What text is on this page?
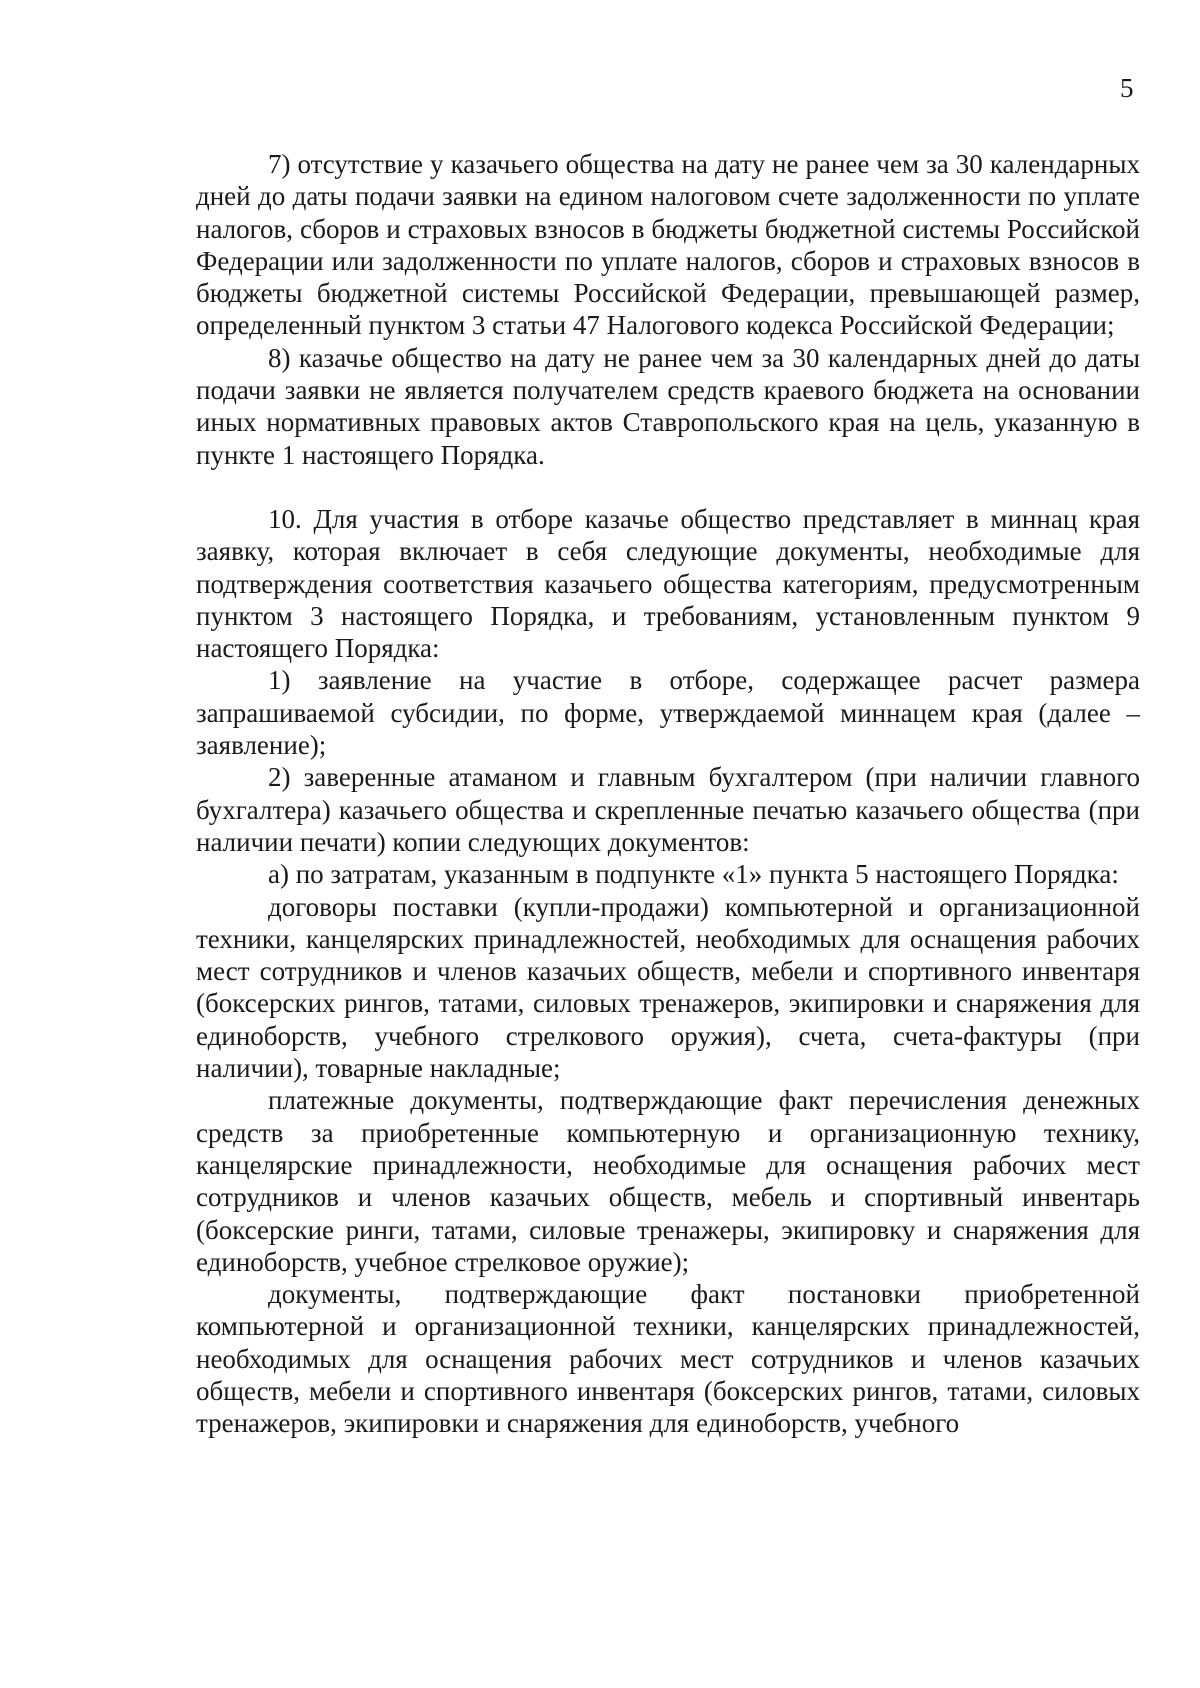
5

7) отсутствие у казачьего общества на дату не ранее чем за 30 календарных дней до даты подачи заявки на едином налоговом счете задолженности по уплате налогов, сборов и страховых взносов в бюджеты бюджетной системы Российской Федерации или задолженности по уплате налогов, сборов и страховых взносов в бюджеты бюджетной системы Российской Федерации, превышающей размер, определенный пунктом 3 статьи 47 Налогового кодекса Российской Федерации;

8) казачье общество на дату не ранее чем за 30 календарных дней до даты подачи заявки не является получателем средств краевого бюджета на основании иных нормативных правовых актов Ставропольского края на цель, указанную в пункте 1 настоящего Порядка.

10. Для участия в отборе казачье общество представляет в миннац края заявку, которая включает в себя следующие документы, необходимые для подтверждения соответствия казачьего общества категориям, предусмотренным пунктом 3 настоящего Порядка, и требованиям, установленным пунктом 9 настоящего Порядка:

1) заявление на участие в отборе, содержащее расчет размера запрашиваемой субсидии, по форме, утверждаемой миннацем края (далее – заявление);

2) заверенные атаманом и главным бухгалтером (при наличии главного бухгалтера) казачьего общества и скрепленные печатью казачьего общества (при наличии печати) копии следующих документов:

а) по затратам, указанным в подпункте «1» пункта 5 настоящего Порядка:

договоры поставки (купли-продажи) компьютерной и организационной техники, канцелярских принадлежностей, необходимых для оснащения рабочих мест сотрудников и членов казачьих обществ, мебели и спортивного инвентаря (боксерских рингов, татами, силовых тренажеров, экипировки и снаряжения для единоборств, учебного стрелкового оружия), счета, счета-фактуры (при наличии), товарные накладные;

платежные документы, подтверждающие факт перечисления денежных средств за приобретенные компьютерную и организационную технику, канцелярские принадлежности, необходимые для оснащения рабочих мест сотрудников и членов казачьих обществ, мебель и спортивный инвентарь (боксерские ринги, татами, силовые тренажеры, экипировку и снаряжения для единоборств, учебное стрелковое оружие);

документы, подтверждающие факт постановки приобретенной компьютерной и организационной техники, канцелярских принадлежностей, необходимых для оснащения рабочих мест сотрудников и членов казачьих обществ, мебели и спортивного инвентаря (боксерских рингов, татами, силовых тренажеров, экипировки и снаряжения для единоборств, учебного
